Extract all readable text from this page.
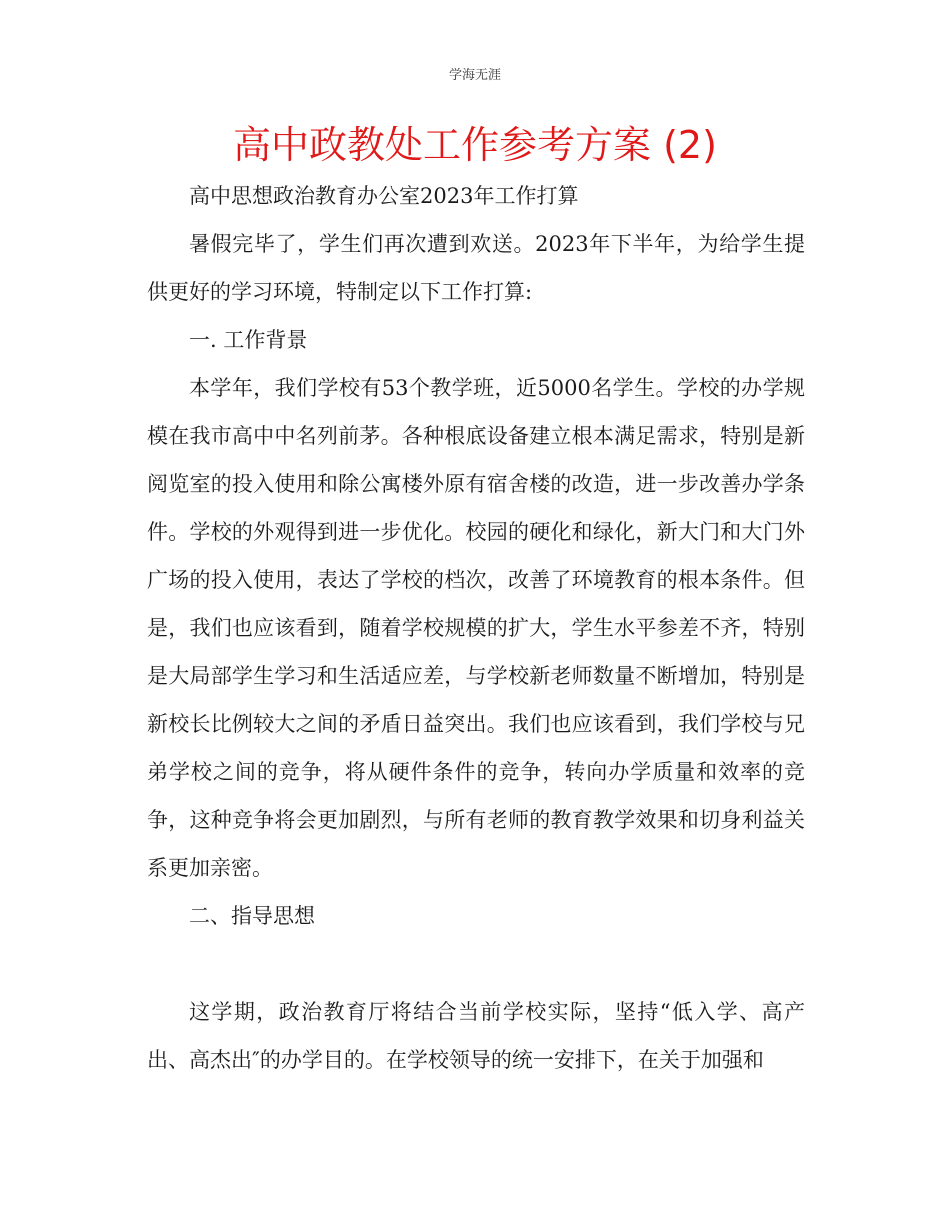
学海无涯
高中政教处工作参考方案 (2)

高中思想政治教育办公室2023年工作打算

暑假完毕了，学生们再次遭到欢送。2023年下半年，为给学生提供更好的学习环境，特制定以下工作打算:

一. 工作背景

本学年，我们学校有53个教学班，近5000名学生。学校的办学规模在我市高中中名列前茅。各种根底设备建立根本满足需求，特别是新阅览室的投入使用和除公寓楼外原有宿舍楼的改造，进一步改善办学条件。学校的外观得到进一步优化。校园的硬化和绿化，新大门和大门外广场的投入使用，表达了学校的档次，改善了环境教育的根本条件。但是，我们也应该看到，随着学校规模的扩大，学生水平参差不齐，特别是大局部学生学习和生活适应差，与学校新老师数量不断增加，特别是新校长比例较大之间的矛盾日益突出。我们也应该看到，我们学校与兄弟学校之间的竞争，将从硬件条件的竞争，转向办学质量和效率的竞争，这种竞争将会更加剧烈，与所有老师的教育教学效果和切身利益关系更加亲密。

二、指导思想

这学期，政治教育厅将结合当前学校实际，坚持“低入学、高产出、高杰出″的办学目的。在学校领导的统一安排下，在关于加强和
